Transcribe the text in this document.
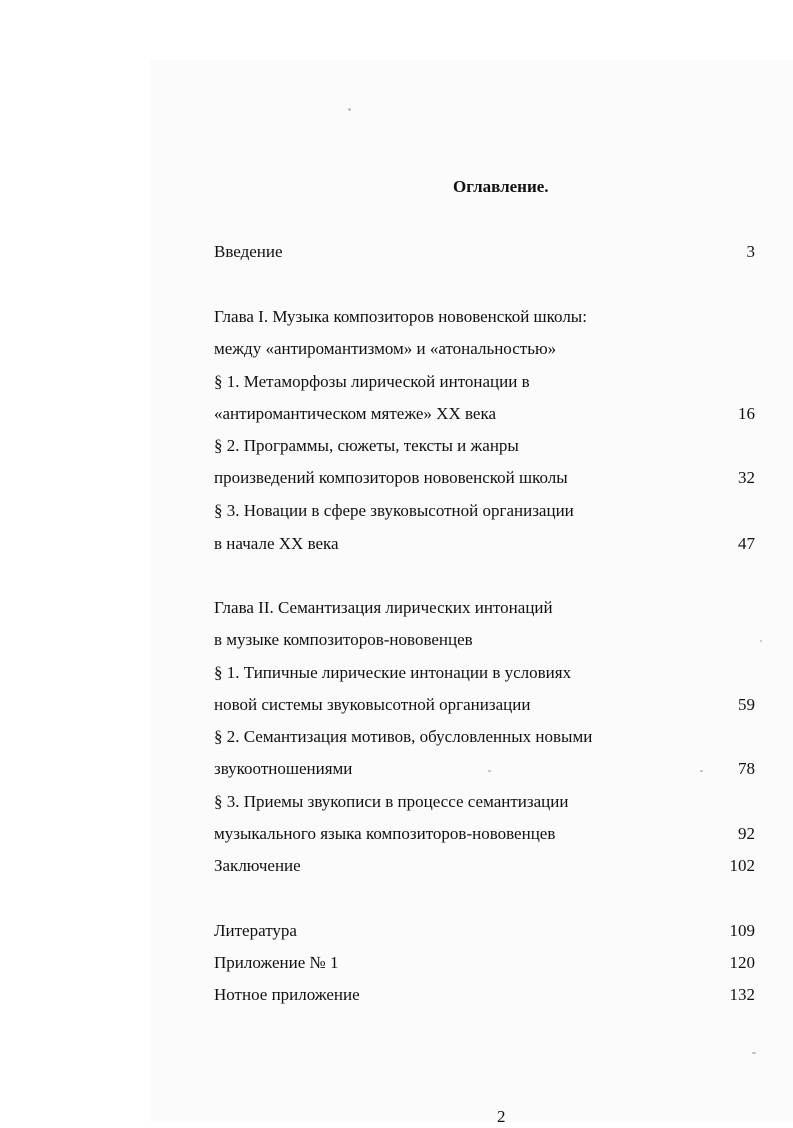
Оглавление.
Введение	3
Глава I. Музыка композиторов нововенской школы:
между «антиромантизмом» и «атональностью»
§ 1. Метаморфозы лирической интонации в
«антиромантическом мятеже» XX века	16
§ 2. Программы, сюжеты, тексты и жанры
произведений композиторов нововенской школы	32
§ 3. Новации в сфере звуковысотной организации
в начале XX века	47
Глава II. Семантизация лирических интонаций
в музыке композиторов-нововенцев
§ 1. Типичные лирические интонации в условиях
новой системы звуковысотной организации	59
§ 2. Семантизация мотивов, обусловленных новыми
звукоотношениями	78
§ 3. Приемы звукописи в процессе семантизации
музыкального языка композиторов-нововенцев	92
Заключение	102
Литература	109
Приложение № 1	120
Нотное приложение	132
2
